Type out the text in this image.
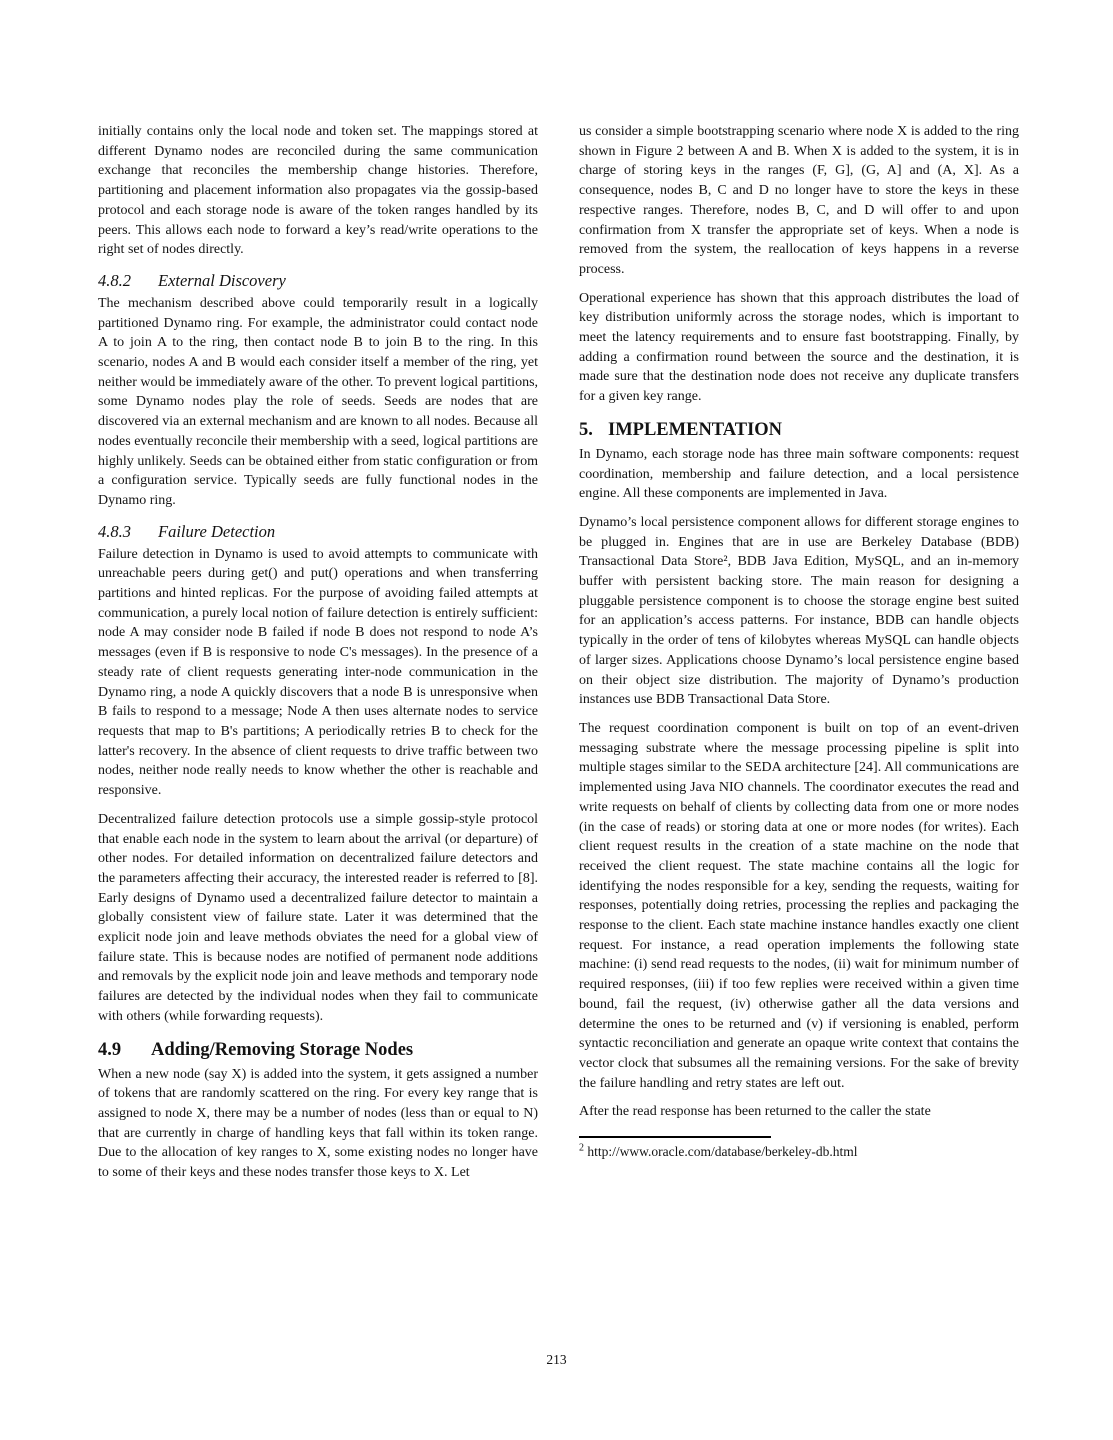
initially contains only the local node and token set. The mappings stored at different Dynamo nodes are reconciled during the same communication exchange that reconciles the membership change histories. Therefore, partitioning and placement information also propagates via the gossip-based protocol and each storage node is aware of the token ranges handled by its peers. This allows each node to forward a key’s read/write operations to the right set of nodes directly.

4.8.2 External Discovery

The mechanism described above could temporarily result in a logically partitioned Dynamo ring. For example, the administrator could contact node A to join A to the ring, then contact node B to join B to the ring. In this scenario, nodes A and B would each consider itself a member of the ring, yet neither would be immediately aware of the other. To prevent logical partitions, some Dynamo nodes play the role of seeds. Seeds are nodes that are discovered via an external mechanism and are known to all nodes. Because all nodes eventually reconcile their membership with a seed, logical partitions are highly unlikely. Seeds can be obtained either from static configuration or from a configuration service. Typically seeds are fully functional nodes in the Dynamo ring.

4.8.3 Failure Detection

Failure detection in Dynamo is used to avoid attempts to communicate with unreachable peers during get() and put() operations and when transferring partitions and hinted replicas. For the purpose of avoiding failed attempts at communication, a purely local notion of failure detection is entirely sufficient: node A may consider node B failed if node B does not respond to node A’s messages (even if B is responsive to node C's messages). In the presence of a steady rate of client requests generating inter-node communication in the Dynamo ring, a node A quickly discovers that a node B is unresponsive when B fails to respond to a message; Node A then uses alternate nodes to service requests that map to B's partitions; A periodically retries B to check for the latter's recovery. In the absence of client requests to drive traffic between two nodes, neither node really needs to know whether the other is reachable and responsive.

Decentralized failure detection protocols use a simple gossip-style protocol that enable each node in the system to learn about the arrival (or departure) of other nodes. For detailed information on decentralized failure detectors and the parameters affecting their accuracy, the interested reader is referred to [8]. Early designs of Dynamo used a decentralized failure detector to maintain a globally consistent view of failure state. Later it was determined that the explicit node join and leave methods obviates the need for a global view of failure state. This is because nodes are notified of permanent node additions and removals by the explicit node join and leave methods and temporary node failures are detected by the individual nodes when they fail to communicate with others (while forwarding requests).

4.9 Adding/Removing Storage Nodes

When a new node (say X) is added into the system, it gets assigned a number of tokens that are randomly scattered on the ring. For every key range that is assigned to node X, there may be a number of nodes (less than or equal to N) that are currently in charge of handling keys that fall within its token range. Due to the allocation of key ranges to X, some existing nodes no longer have to some of their keys and these nodes transfer those keys to X. Let

us consider a simple bootstrapping scenario where node X is added to the ring shown in Figure 2 between A and B. When X is added to the system, it is in charge of storing keys in the ranges (F, G], (G, A] and (A, X]. As a consequence, nodes B, C and D no longer have to store the keys in these respective ranges. Therefore, nodes B, C, and D will offer to and upon confirmation from X transfer the appropriate set of keys. When a node is removed from the system, the reallocation of keys happens in a reverse process.

Operational experience has shown that this approach distributes the load of key distribution uniformly across the storage nodes, which is important to meet the latency requirements and to ensure fast bootstrapping. Finally, by adding a confirmation round between the source and the destination, it is made sure that the destination node does not receive any duplicate transfers for a given key range.

5. IMPLEMENTATION

In Dynamo, each storage node has three main software components: request coordination, membership and failure detection, and a local persistence engine. All these components are implemented in Java.

Dynamo’s local persistence component allows for different storage engines to be plugged in. Engines that are in use are Berkeley Database (BDB) Transactional Data Store², BDB Java Edition, MySQL, and an in-memory buffer with persistent backing store. The main reason for designing a pluggable persistence component is to choose the storage engine best suited for an application’s access patterns. For instance, BDB can handle objects typically in the order of tens of kilobytes whereas MySQL can handle objects of larger sizes. Applications choose Dynamo’s local persistence engine based on their object size distribution. The majority of Dynamo’s production instances use BDB Transactional Data Store.

The request coordination component is built on top of an event-driven messaging substrate where the message processing pipeline is split into multiple stages similar to the SEDA architecture [24]. All communications are implemented using Java NIO channels. The coordinator executes the read and write requests on behalf of clients by collecting data from one or more nodes (in the case of reads) or storing data at one or more nodes (for writes). Each client request results in the creation of a state machine on the node that received the client request. The state machine contains all the logic for identifying the nodes responsible for a key, sending the requests, waiting for responses, potentially doing retries, processing the replies and packaging the response to the client. Each state machine instance handles exactly one client request. For instance, a read operation implements the following state machine: (i) send read requests to the nodes, (ii) wait for minimum number of required responses, (iii) if too few replies were received within a given time bound, fail the request, (iv) otherwise gather all the data versions and determine the ones to be returned and (v) if versioning is enabled, perform syntactic reconciliation and generate an opaque write context that contains the vector clock that subsumes all the remaining versions. For the sake of brevity the failure handling and retry states are left out.

After the read response has been returned to the caller the state

$^2$ http://www.oracle.com/database/berkeley-db.html
213
